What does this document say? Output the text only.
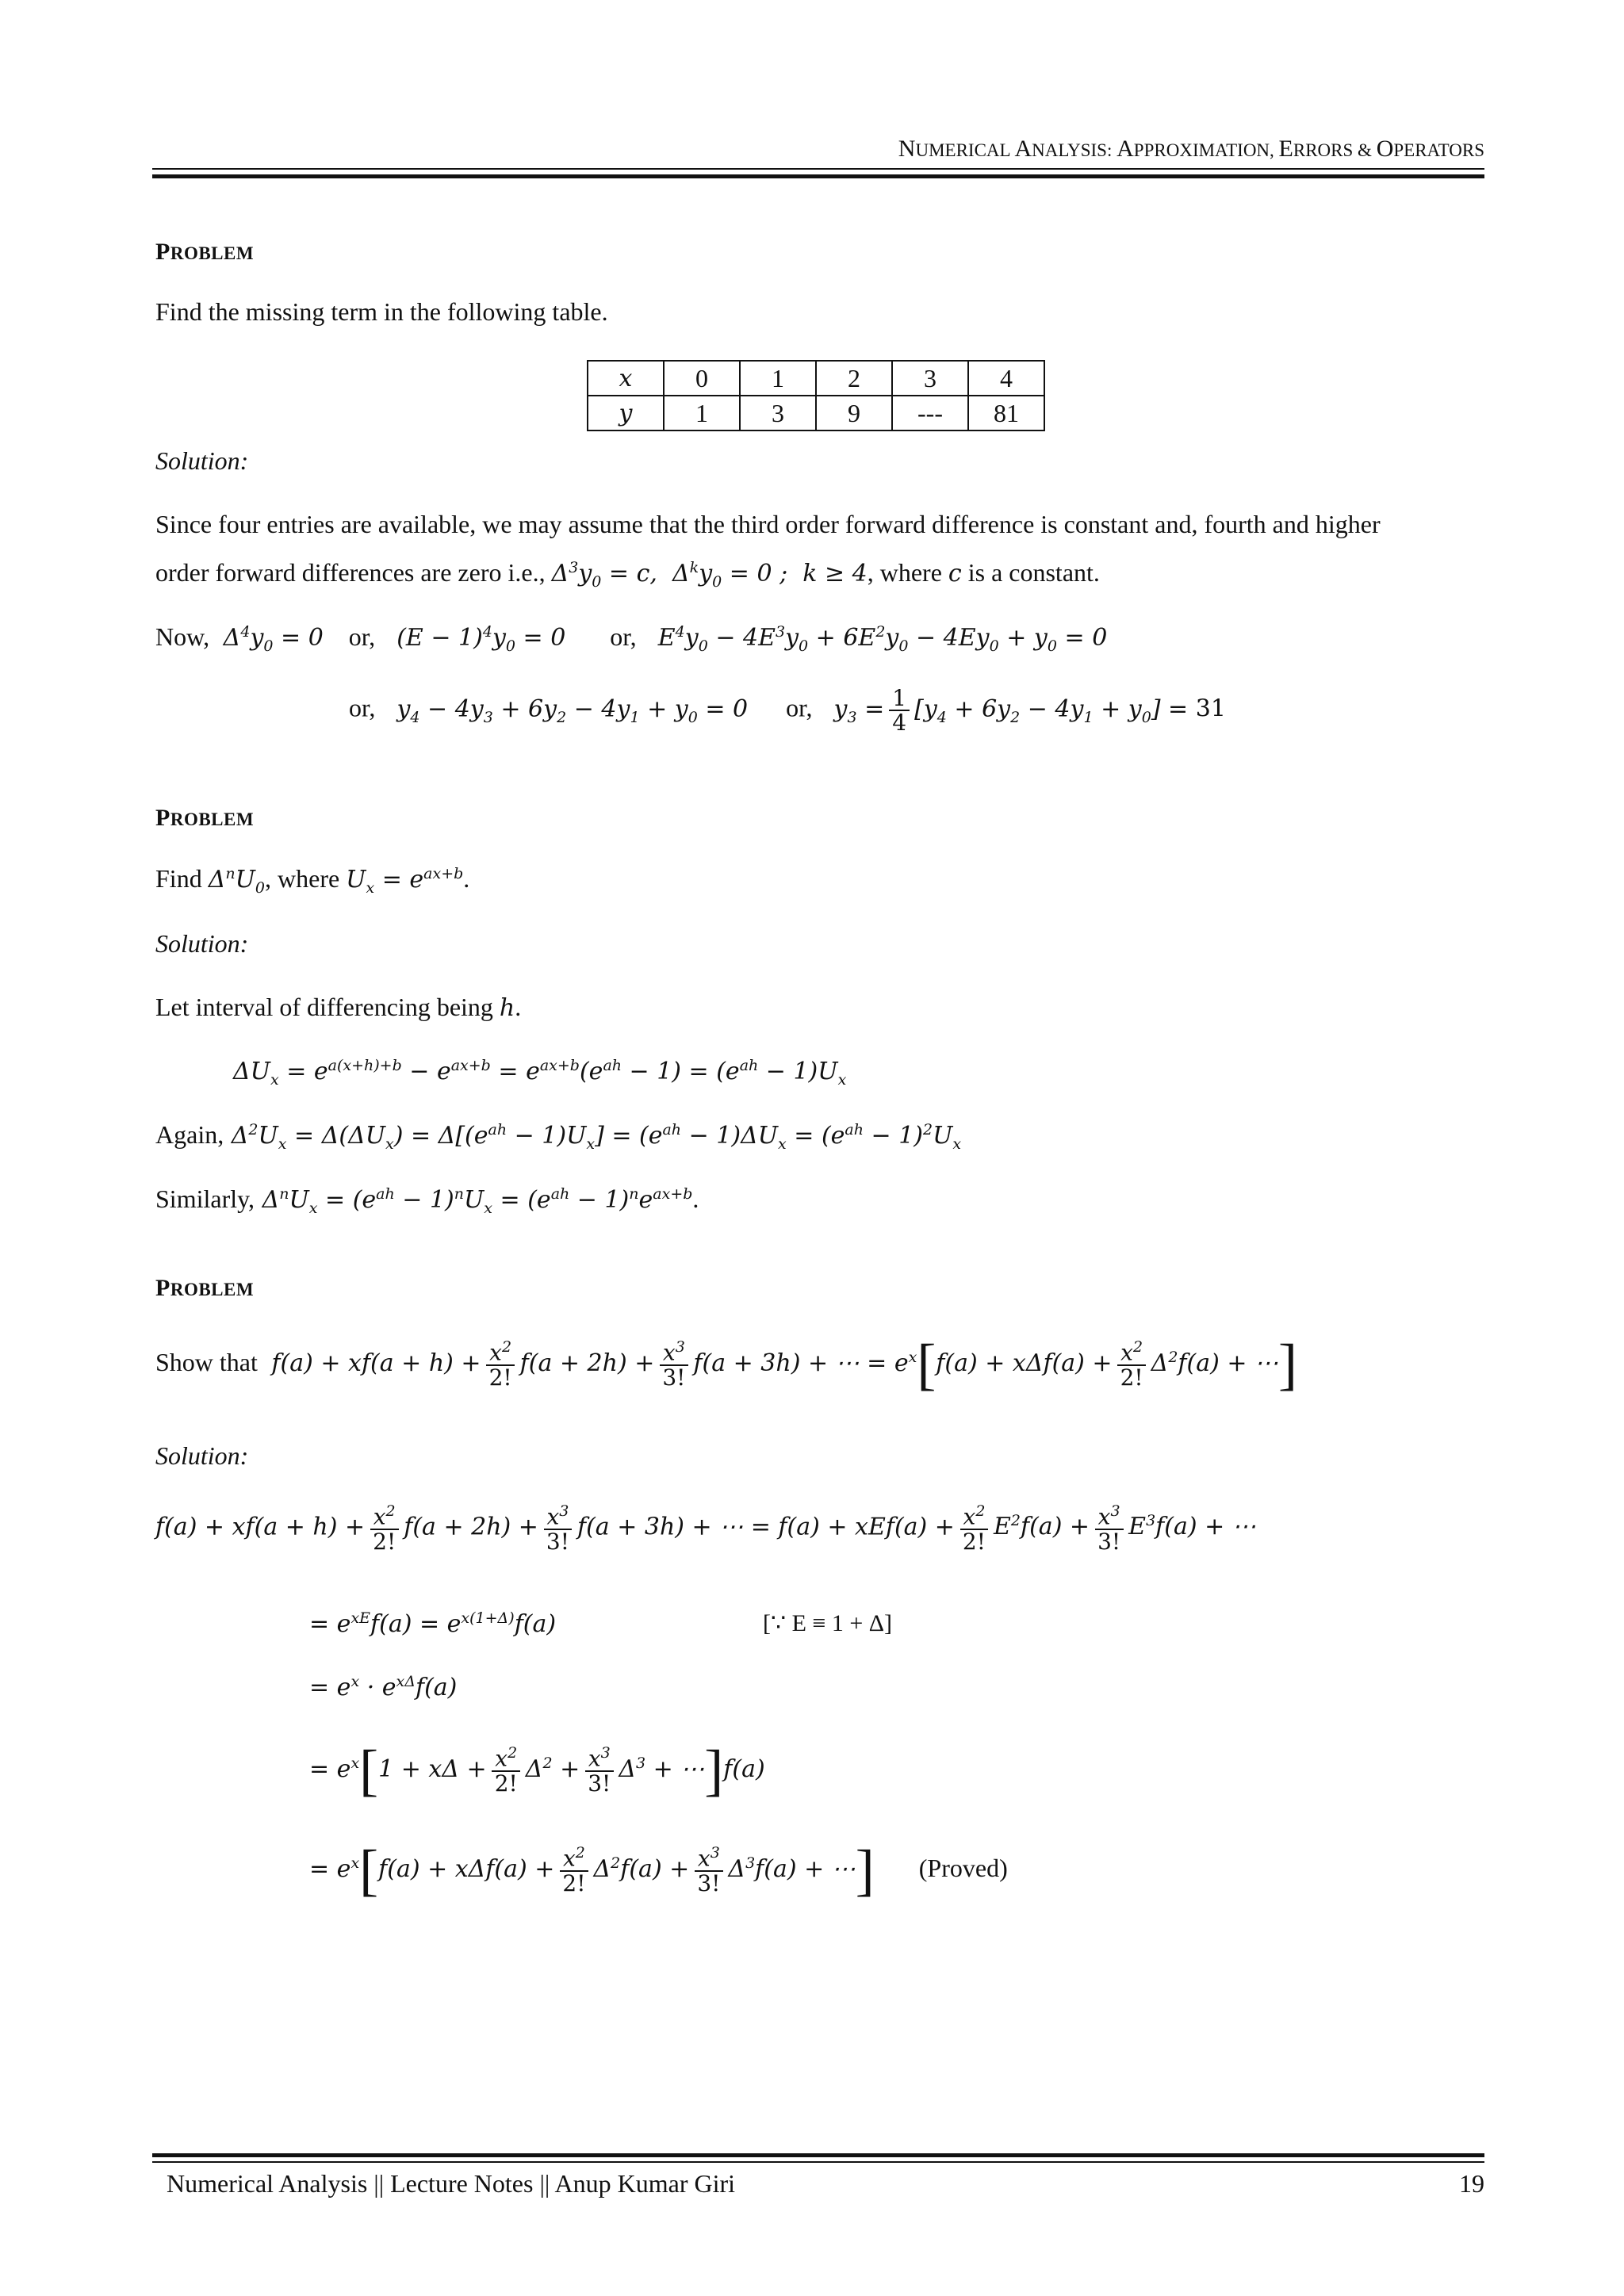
NUMERICAL ANALYSIS: APPROXIMATION, ERRORS & OPERATORS
PROBLEM
Find the missing term in the following table.
x	0	1	2	3	4
y	1	3	9	---	81
Solution:
Since four entries are available, we may assume that the third order forward difference is constant and, fourth and higher
order forward differences are zero i.e., $\Delta^3y_0 = c$,  $\Delta^ky_0 = 0$ ;  k ≥ 4, where c is a constant.
Now,  $\Delta^4y_0 = 0$ or,   $(E - 1)^4y_0 = 0$ or,   $E^4y_0 - 4E^3y_0 + 6E^2y_0 - 4Ey_0 + y_0 = 0$
or,   $y_4 - 4y_3 + 6y_2 - 4y_1 + y_0 = 0$ or,   $y_3 = \frac{1}{4} [y_4 + 6y_2 - 4y_1 + y_0] = 31$
PROBLEM
Find $\Delta^nU_0$, where $U_x = e^{ax+b}$.
Solution:
Let interval of differencing being h.
$\Delta U_x = e^{a(x+h)+b} - e^{ax+b} = e^{ax+b}(e^{ah} - 1) = (e^{ah} - 1)U_x$
Again, $\Delta^2U_x = \Delta(\Delta U_x) = \Delta[(e^{ah} - 1)U_x] = (e^{ah} - 1)\Delta U_x = (e^{ah} - 1)^2U_x$
Similarly, $\Delta^nU_x = (e^{ah} - 1)^nU_x = (e^{ah} - 1)^ne^{ax+b}$.
PROBLEM
Show that  $f(a) + xf(a + h) + \frac{x^2}{2!} f(a + 2h) + \frac{x^3}{3!} f(a + 3h)$ + ⋯ = $e^x[f(a) + x\Delta f(a) + \frac{x^2}{2!} \Delta^2f(a)$ + ⋯]
Solution:
$f(a) + xf(a + h) + \frac{x^2}{2!} f(a + 2h) + \frac{x^3}{3!} f(a + 3h)$ + ⋯ = $f(a) + xEf(a) + \frac{x^2}{2!} E^2f(a) + \frac{x^3}{3!} E^3f(a)$ + ⋯
= $e^{xE}f(a) = e^{x(1+\Delta)}f(a)$	[∵ E ≡ 1 + Δ]
= $e^x \cdot e^{x\Delta}f(a)$
= $e^x[1 + x\Delta + \frac{x^2}{2!} \Delta^2 + \frac{x^3}{3!} \Delta^3$ + ⋯]f(a)
= $e^x[f(a) + x\Delta f(a) + \frac{x^2}{2!} \Delta^2f(a) + \frac{x^3}{3!} \Delta^3f(a)$ + ⋯] (Proved)
Numerical Analysis || Lecture Notes || Anup Kumar Giri	19
